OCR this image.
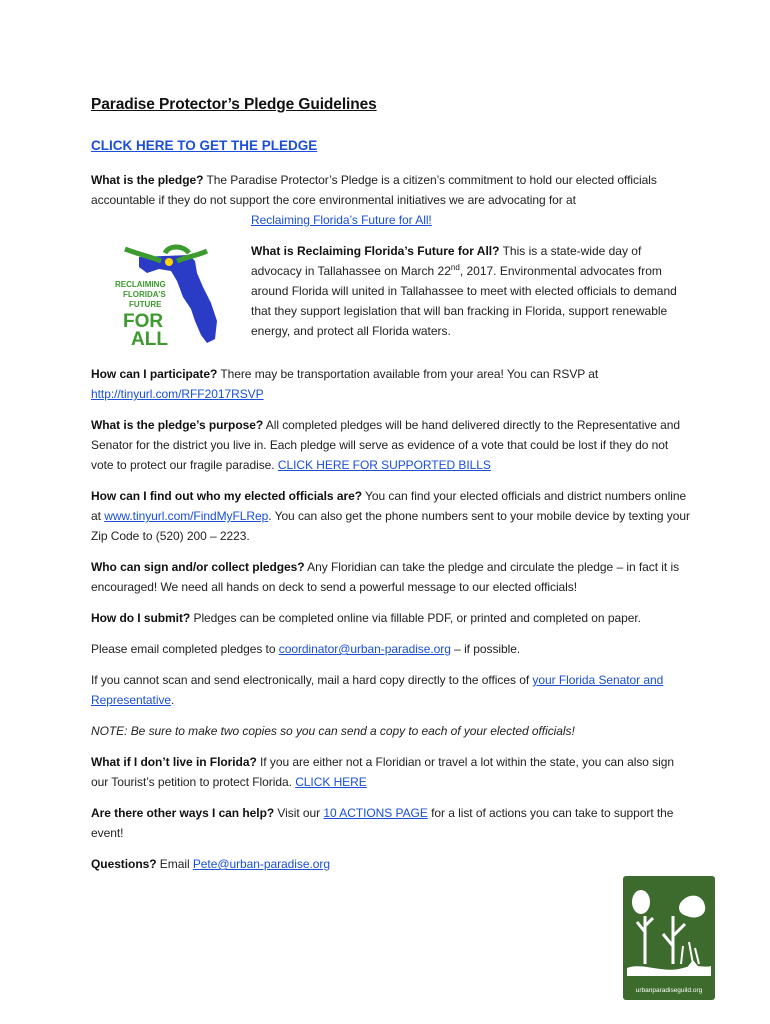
Paradise Protector’s Pledge Guidelines
CLICK HERE TO GET THE PLEDGE

What is the pledge? The Paradise Protector’s Pledge is a citizen’s commitment to hold our elected officials accountable if they do not support the core environmental initiatives we are advocating for at
Reclaiming Florida’s Future for All!

RECLAIMING
FLORIDA’S
FUTURE
FOR
ALL
What is Reclaiming Florida’s Future for All? This is a state-wide day of advocacy in Tallahassee on March 22nd, 2017. Environmental advocates from around Florida will united in Tallahassee to meet with elected officials to demand that they support legislation that will ban fracking in Florida, support renewable energy, and protect all Florida waters.

How can I participate? There may be transportation available from your area! You can RSVP at http://tinyurl.com/RFF2017RSVP

What is the pledge’s purpose? All completed pledges will be hand delivered directly to the Representative and Senator for the district you live in. Each pledge will serve as evidence of a vote that could be lost if they do not vote to protect our fragile paradise. CLICK HERE FOR SUPPORTED BILLS

How can I find out who my elected officials are? You can find your elected officials and district numbers online at www.tinyurl.com/FindMyFLRep. You can also get the phone numbers sent to your mobile device by texting your Zip Code to (520) 200 – 2223.

Who can sign and/or collect pledges? Any Floridian can take the pledge and circulate the pledge – in fact it is encouraged! We need all hands on deck to send a powerful message to our elected officials!

How do I submit? Pledges can be completed online via fillable PDF, or printed and completed on paper.

Please email completed pledges to coordinator@urban-paradise.org – if possible.

If you cannot scan and send electronically, mail a hard copy directly to the offices of your Florida Senator and Representative.

NOTE: Be sure to make two copies so you can send a copy to each of your elected officials!

What if I don’t live in Florida? If you are either not a Floridian or travel a lot within the state, you can also sign our Tourist’s petition to protect Florida. CLICK HERE

Are there other ways I can help? Visit our 10 ACTIONS PAGE for a list of actions you can take to support the event!

Questions? Email Pete@urban-paradise.org

urbanparadiseguild.org
